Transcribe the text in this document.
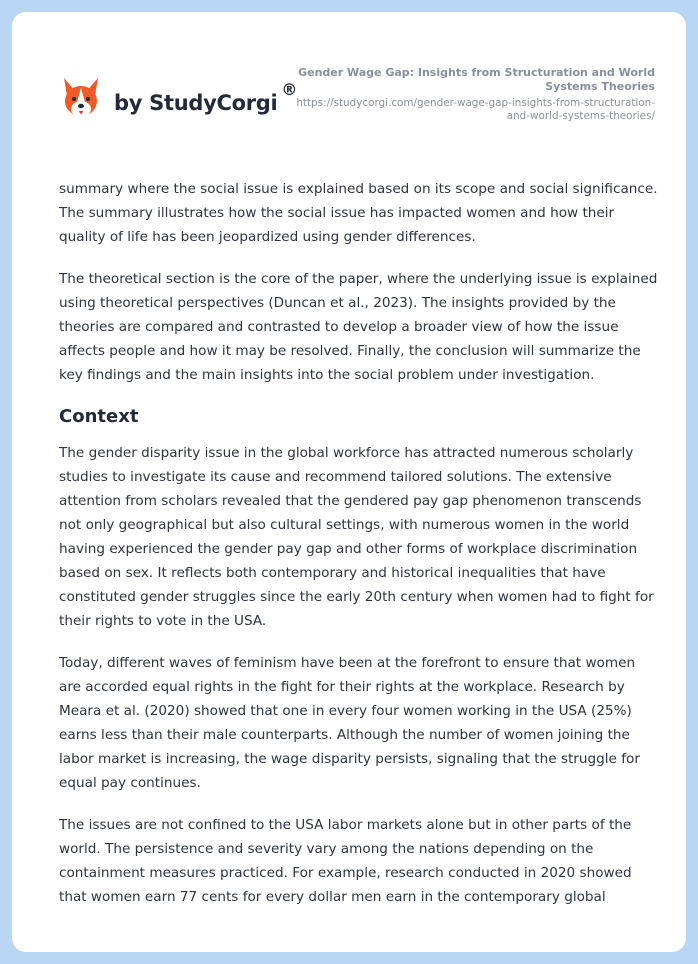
by StudyCorgi
®
Gender Wage Gap: Insights from Structuration and World Systems Theories
https://studycorgi.com/gender-wage-gap-insights-from-structuration-and-world-systems-theories/

summary where the social issue is explained based on its scope and social significance. The summary illustrates how the social issue has impacted women and how their quality of life has been jeopardized using gender differences.

The theoretical section is the core of the paper, where the underlying issue is explained using theoretical perspectives (Duncan et al., 2023). The insights provided by the theories are compared and contrasted to develop a broader view of how the issue affects people and how it may be resolved. Finally, the conclusion will summarize the key findings and the main insights into the social problem under investigation.

Context

The gender disparity issue in the global workforce has attracted numerous scholarly studies to investigate its cause and recommend tailored solutions. The extensive attention from scholars revealed that the gendered pay gap phenomenon transcends not only geographical but also cultural settings, with numerous women in the world having experienced the gender pay gap and other forms of workplace discrimination based on sex. It reflects both contemporary and historical inequalities that have constituted gender struggles since the early 20th century when women had to fight for their rights to vote in the USA.

Today, different waves of feminism have been at the forefront to ensure that women are accorded equal rights in the fight for their rights at the workplace. Research by Meara et al. (2020) showed that one in every four women working in the USA (25%) earns less than their male counterparts. Although the number of women joining the labor market is increasing, the wage disparity persists, signaling that the struggle for equal pay continues.

The issues are not confined to the USA labor markets alone but in other parts of the world. The persistence and severity vary among the nations depending on the containment measures practiced. For example, research conducted in 2020 showed that women earn 77 cents for every dollar men earn in the contemporary global
